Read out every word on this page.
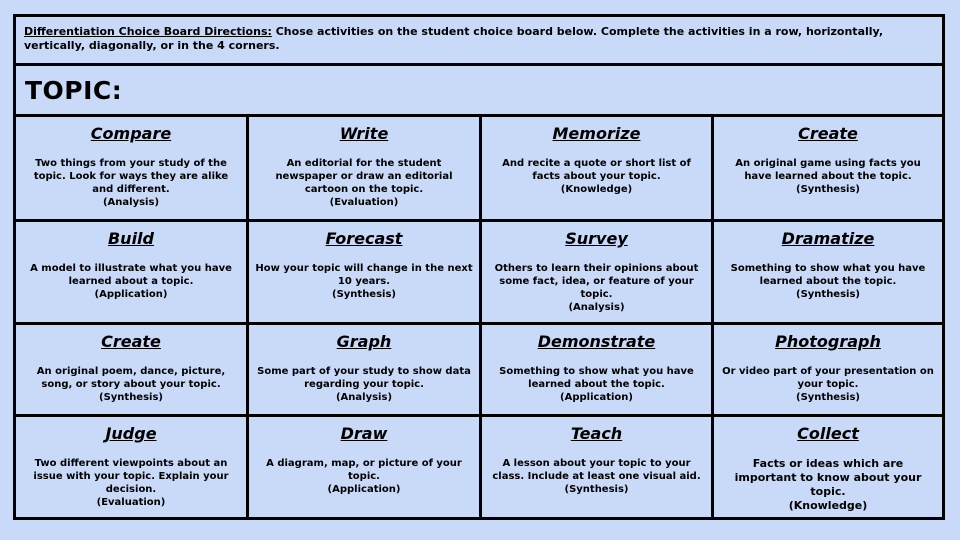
Differentiation Choice Board Directions: Chose activities on the student choice board below. Complete the activities in a row, horizontally, vertically, diagonally, or in the 4 corners.
TOPIC:
Compare
Two things from your study of the topic. Look for ways they are alike and different.
(Analysis)
Write
An editorial for the student newspaper or draw an editorial cartoon on the topic.
(Evaluation)
Memorize
And recite a quote or short list of facts about your topic.
(Knowledge)
Create
An original game using facts you have learned about the topic.
(Synthesis)
Build
A model to illustrate what you have learned about a topic.
(Application)
Forecast
How your topic will change in the next 10 years.
(Synthesis)
Survey
Others to learn their opinions about some fact, idea, or feature of your topic.
(Analysis)
Dramatize
Something to show what you have learned about the topic.
(Synthesis)
Create
An original poem, dance, picture, song, or story about your topic.
(Synthesis)
Graph
Some part of your study to show data regarding your topic.
(Analysis)
Demonstrate
Something to show what you have learned about the topic.
(Application)
Photograph
Or video part of your presentation on your topic.
(Synthesis)
Judge
Two different viewpoints about an issue with your topic. Explain your decision.
(Evaluation)
Draw
A diagram, map, or picture of your topic.
(Application)
Teach
A lesson about your topic to your class. Include at least one visual aid.
(Synthesis)
Collect
Facts or ideas which are important to know about your topic.
(Knowledge)
